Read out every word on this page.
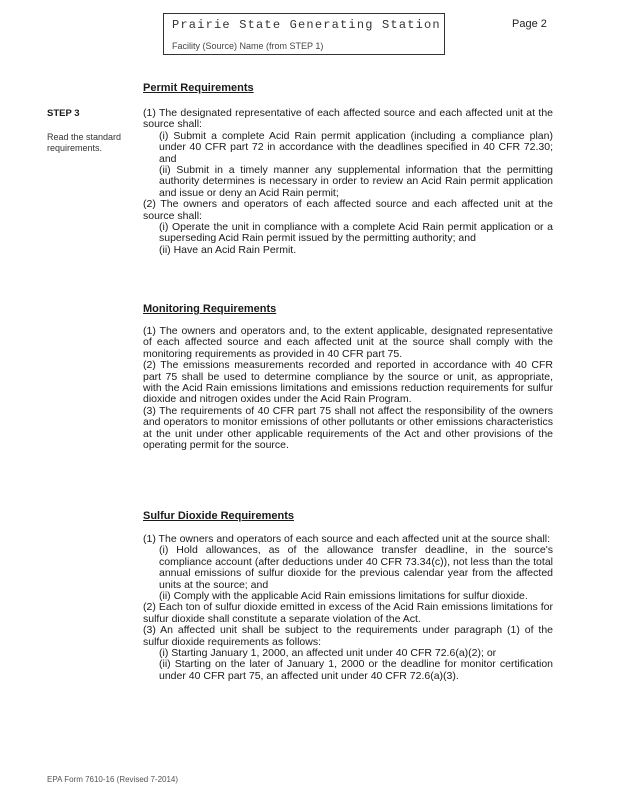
Prairie State Generating Station
Facility (Source) Name (from STEP 1)
Page 2
STEP 3
Read the standard requirements.
Permit Requirements

(1) The designated representative of each affected source and each affected unit at the source shall:

(i) Submit a complete Acid Rain permit application (including a compliance plan) under 40 CFR part 72 in accordance with the deadlines specified in 40 CFR 72.30; and

(ii) Submit in a timely manner any supplemental information that the permitting authority determines is necessary in order to review an Acid Rain permit application and issue or deny an Acid Rain permit;

(2) The owners and operators of each affected source and each affected unit at the source shall:

(i) Operate the unit in compliance with a complete Acid Rain permit application or a superseding Acid Rain permit issued by the permitting authority; and

(ii) Have an Acid Rain Permit.

Monitoring Requirements

(1) The owners and operators and, to the extent applicable, designated representative of each affected source and each affected unit at the source shall comply with the monitoring requirements as provided in 40 CFR part 75.

(2) The emissions measurements recorded and reported in accordance with 40 CFR part 75 shall be used to determine compliance by the source or unit, as appropriate, with the Acid Rain emissions limitations and emissions reduction requirements for sulfur dioxide and nitrogen oxides under the Acid Rain Program.

(3) The requirements of 40 CFR part 75 shall not affect the responsibility of the owners and operators to monitor emissions of other pollutants or other emissions characteristics at the unit under other applicable requirements of the Act and other provisions of the operating permit for the source.

Sulfur Dioxide Requirements

(1) The owners and operators of each source and each affected unit at the source shall:

(i) Hold allowances, as of the allowance transfer deadline, in the source's compliance account (after deductions under 40 CFR 73.34(c)), not less than the total annual emissions of sulfur dioxide for the previous calendar year from the affected units at the source; and

(ii) Comply with the applicable Acid Rain emissions limitations for sulfur dioxide.

(2) Each ton of sulfur dioxide emitted in excess of the Acid Rain emissions limitations for sulfur dioxide shall constitute a separate violation of the Act.

(3) An affected unit shall be subject to the requirements under paragraph (1) of the sulfur dioxide requirements as follows:

(i) Starting January 1, 2000, an affected unit under 40 CFR 72.6(a)(2); or

(ii) Starting on the later of January 1, 2000 or the deadline for monitor certification under 40 CFR part 75, an affected unit under 40 CFR 72.6(a)(3).

EPA Form 7610-16 (Revised 7-2014)
